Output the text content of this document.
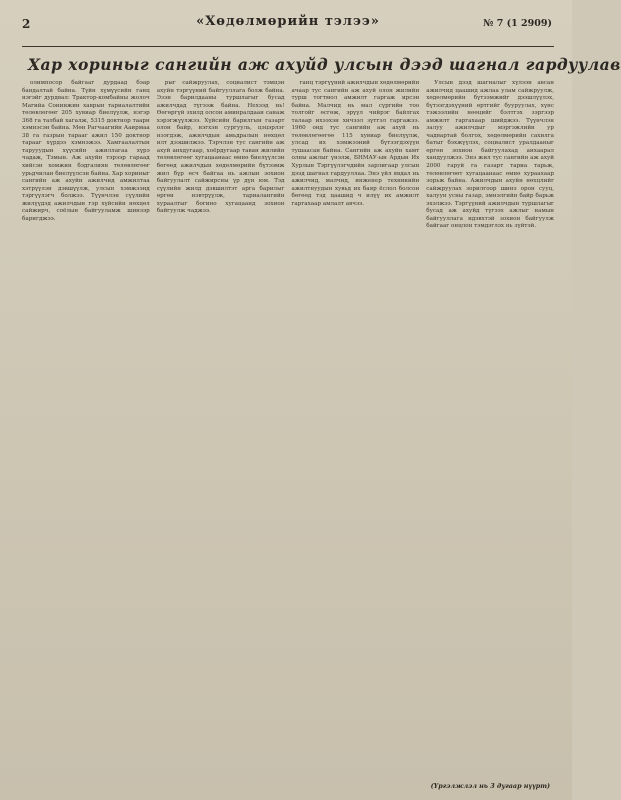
2	«Хөдөлмөрийн тэлээ»	№ 7 (1 2909)
Хар хориныг сангийн аж ахуйд улсын дээд шагнал гардуулав

олимпосор байгааг дурдаад бэар бандалтай байна. Түйн хүмүүсийн ганц нэгэйг дурдвал: Трактор-комбайны жолоч Магийа Сонинжин хаврын тариалалтийн төлөвлөгөөг 205 хувиар биелүүлж, нэгэр 368 га талбай хагалж, 5315 доктнор таарн хэмнэсэн байна. Мөн Рагчаагийн Ааирмаа 38 га газрын тарааг ажил 150 доктнор тарааг хүрдээ хэмнэжээ. Хамгаалалтын тарууудын хүүсийн ажиллагаа хүрэ чадаж, Тэмын. Аж ахуйн тэрээр гараад хийсэн хомжин бэдгалиян төлөвлөгөөг урьдчилан биелүүлсэн байна. Хар хориныг сангийн аж ахуйн ажилчид амжилтаа хэтрүүлэн дэвшүүлж, улсын хэмжээнд тэргүүлэгч болжээ. Түүнчлэн сүүлийн жилүүдэд ажилчдын гэр хүйсийн нөхцөл сайжирч, соёлын байгууламж шинээр баригджээ.

рыг сайжруулах, социалист тэмцэн ахуйн тэргүүний байгууллага болж байна. Эзэн барилдааны туршлагыг бусад ажилчдад түгээж байна. Нехээд нь! Өөгөргүй зхилд олсон аминралдаан санаж хэрэгжүүлжээ. Хүйсийн барилгын газарт олон байр, нэгхэн сургууль, цэцэрлэг нээгдэж, ажилчдын амьдралын нөхцөл илт дээшилжээ. Тэрчлэн тус сангийн аж ахуй анхдугаар, хоёрдугаар таван жилийн төлөвлөгөөг хугацаанаас өмнө биелүүлсэн бөгөөд ажилчдын хөдөлмөрийн бүтээмж жил бүр өсч байгаа нь ажлын зохион байгуулалт сайжирсны үр дүн юм. Тэд сүүлийн жилд дэвшилтэт арга барилыг өргөн нэвтрүүлж, тариалангийн хураалтыг богино хугацаанд зохион байгуулж чаджээ.

ганц тэргүүний ажилчдын хөдөлмөрийн ачаар тус сангийн аж ахуй олон жилийн турш тогтмол амжилт гаргаж ирсэн байна. Малчид нь мал сүргийн тоо толгойг өсгөж, эрүүл чийрэг байлгах талаар ихээхэн хичээл зүтгэл гаргажээ. 1960 онд тус сангийн аж ахуй нь төлөвлөгөөгөө 115 хувиар биелүүлж, улсад их хэмжээний бүтээгдэхүүн тушаасан байна. Сангийн аж ахуйн хамт олны ажлыг үнэлж, БНМАУ-ын Ардын Их Хурлын Тэргүүлэгчдийн зарлигаар улсын дээд шагнал гардууллаа. Энэ үйл явдал нь ажилчид, малчид, инженер техникийн ажилтнуудын хувьд их баяр ёслол болсон бөгөөд тэд цаашид ч илүү их амжилт гаргахаар амлалт авчээ.

Улсын дээд шагналыг хүлээн авсан ажилчид цаашид ажлаа улам сайжруулж, хөдөлмөрийн бүтээмжийг дээшлүүлэх, бүтээгдэхүүний өртгийг бууруулах, хүнс тэжээлийн нөөцийг бэлтгэх зэргээр амжилт гаргахаар шийджээ. Түүнчлэн залуу ажилчдыг мэргэжлийн ур чадвартай болгох, хөдөлмөрийн сахилга батыг бэхжүүлэх, социалист уралдааныг өргөн зохион байгуулахад анхаарал хандуулжээ. Энэ жил тус сангийн аж ахуй 2000 гаруй га газарт тариа тарьж, төлөвлөгөөт хугацаанаас өмнө хураахаар зорьж байна. Ажилчдын ахуйн нөхцлийг сайжруулах зорилгоор шинэ орон сууц, халуун усны газар, эмнэлгийн байр барьж эхэлжээ. Тэргүүний ажилчдын туршлагыг бусад аж ахуйд түгээх ажлыг намын байгууллага идэвхтэй зохион байгуулж байгааг онцлон тэмдэглэх нь зүйтэй.

(Үргэлжлэл нь 3 дугаар нүүрт)
